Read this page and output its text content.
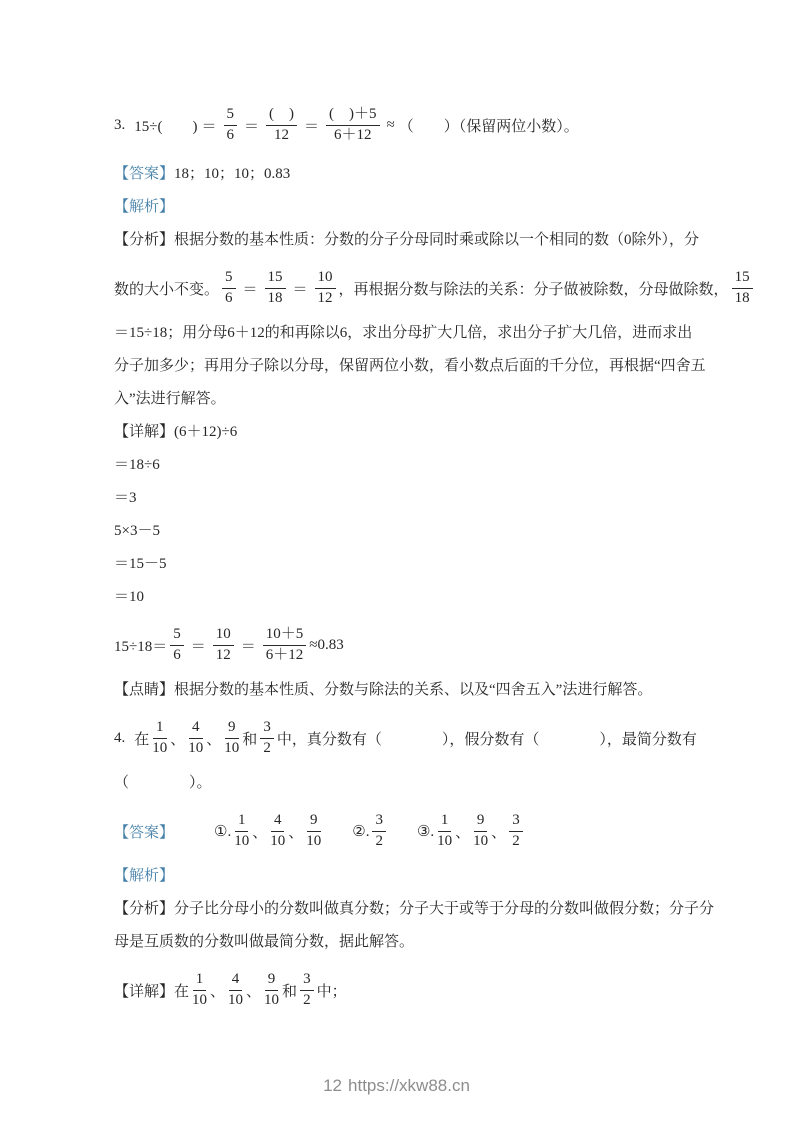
3. 15÷(　　) ＝ $\frac{5}{6}$ ＝
(　)
$12 = \frac{( )+5}{6+12}$ ≈ （　　）（保留两位小数）。
【答案】18；10；10；0.83
【解析】
【分析】根据分数的基本性质：分数的分子分母同时乘或除以一个相同的数（0除外），分
数的大小不变。 $\frac{5}{6} = \frac{15}{18} = \frac{10}{12}$ ，再根据分数与除法的关系：分子做被除数，分母做除数， $\frac{15}{18}$
＝15÷18；用分母6＋12的和再除以6，求出分母扩大几倍，求出分子扩大几倍，进而求出
分子加多少；再用分子除以分母，保留两位小数，看小数点后面的千分位，再根据“四舍五
入”法进行解答。
【详解】(6＋12)÷6
＝18÷6
＝3
5×3－5
＝15－5
＝10
$15\div 18= \frac{5}{6} = \frac{10}{12} = \frac{10+5}{6+12} \approx 0.83$
【点睛】根据分数的基本性质、分数与除法的关系、以及“四舍五入”法进行解答。
4. 在 $\frac{1}{10}$ 、 $\frac{4}{10}$ 、 $\frac{9}{10}$ 和 $\frac{3}{2}$ 中，真分数有（　　　　），假分数有（　　　　），最简分数有
（　　　　）。
【答案】	①. $\frac{1}{10}$ 、 $\frac{4}{10}$ 、 $\frac{9}{10}$ ②. $\frac{3}{2}$ ③. $\frac{1}{10}$ 、 $\frac{9}{10}$ 、 $\frac{3}{2}$
【解析】
【分析】分子比分母小的分数叫做真分数；分子大于或等于分母的分数叫做假分数；分子分
母是互质数的分数叫做最简分数，据此解答。
【详解】在 $\frac{1}{10}$ 、 $\frac{4}{10}$ 、 $\frac{9}{10}$ 和 $\frac{3}{2}$ 中；
12 https://xkw88.cn
